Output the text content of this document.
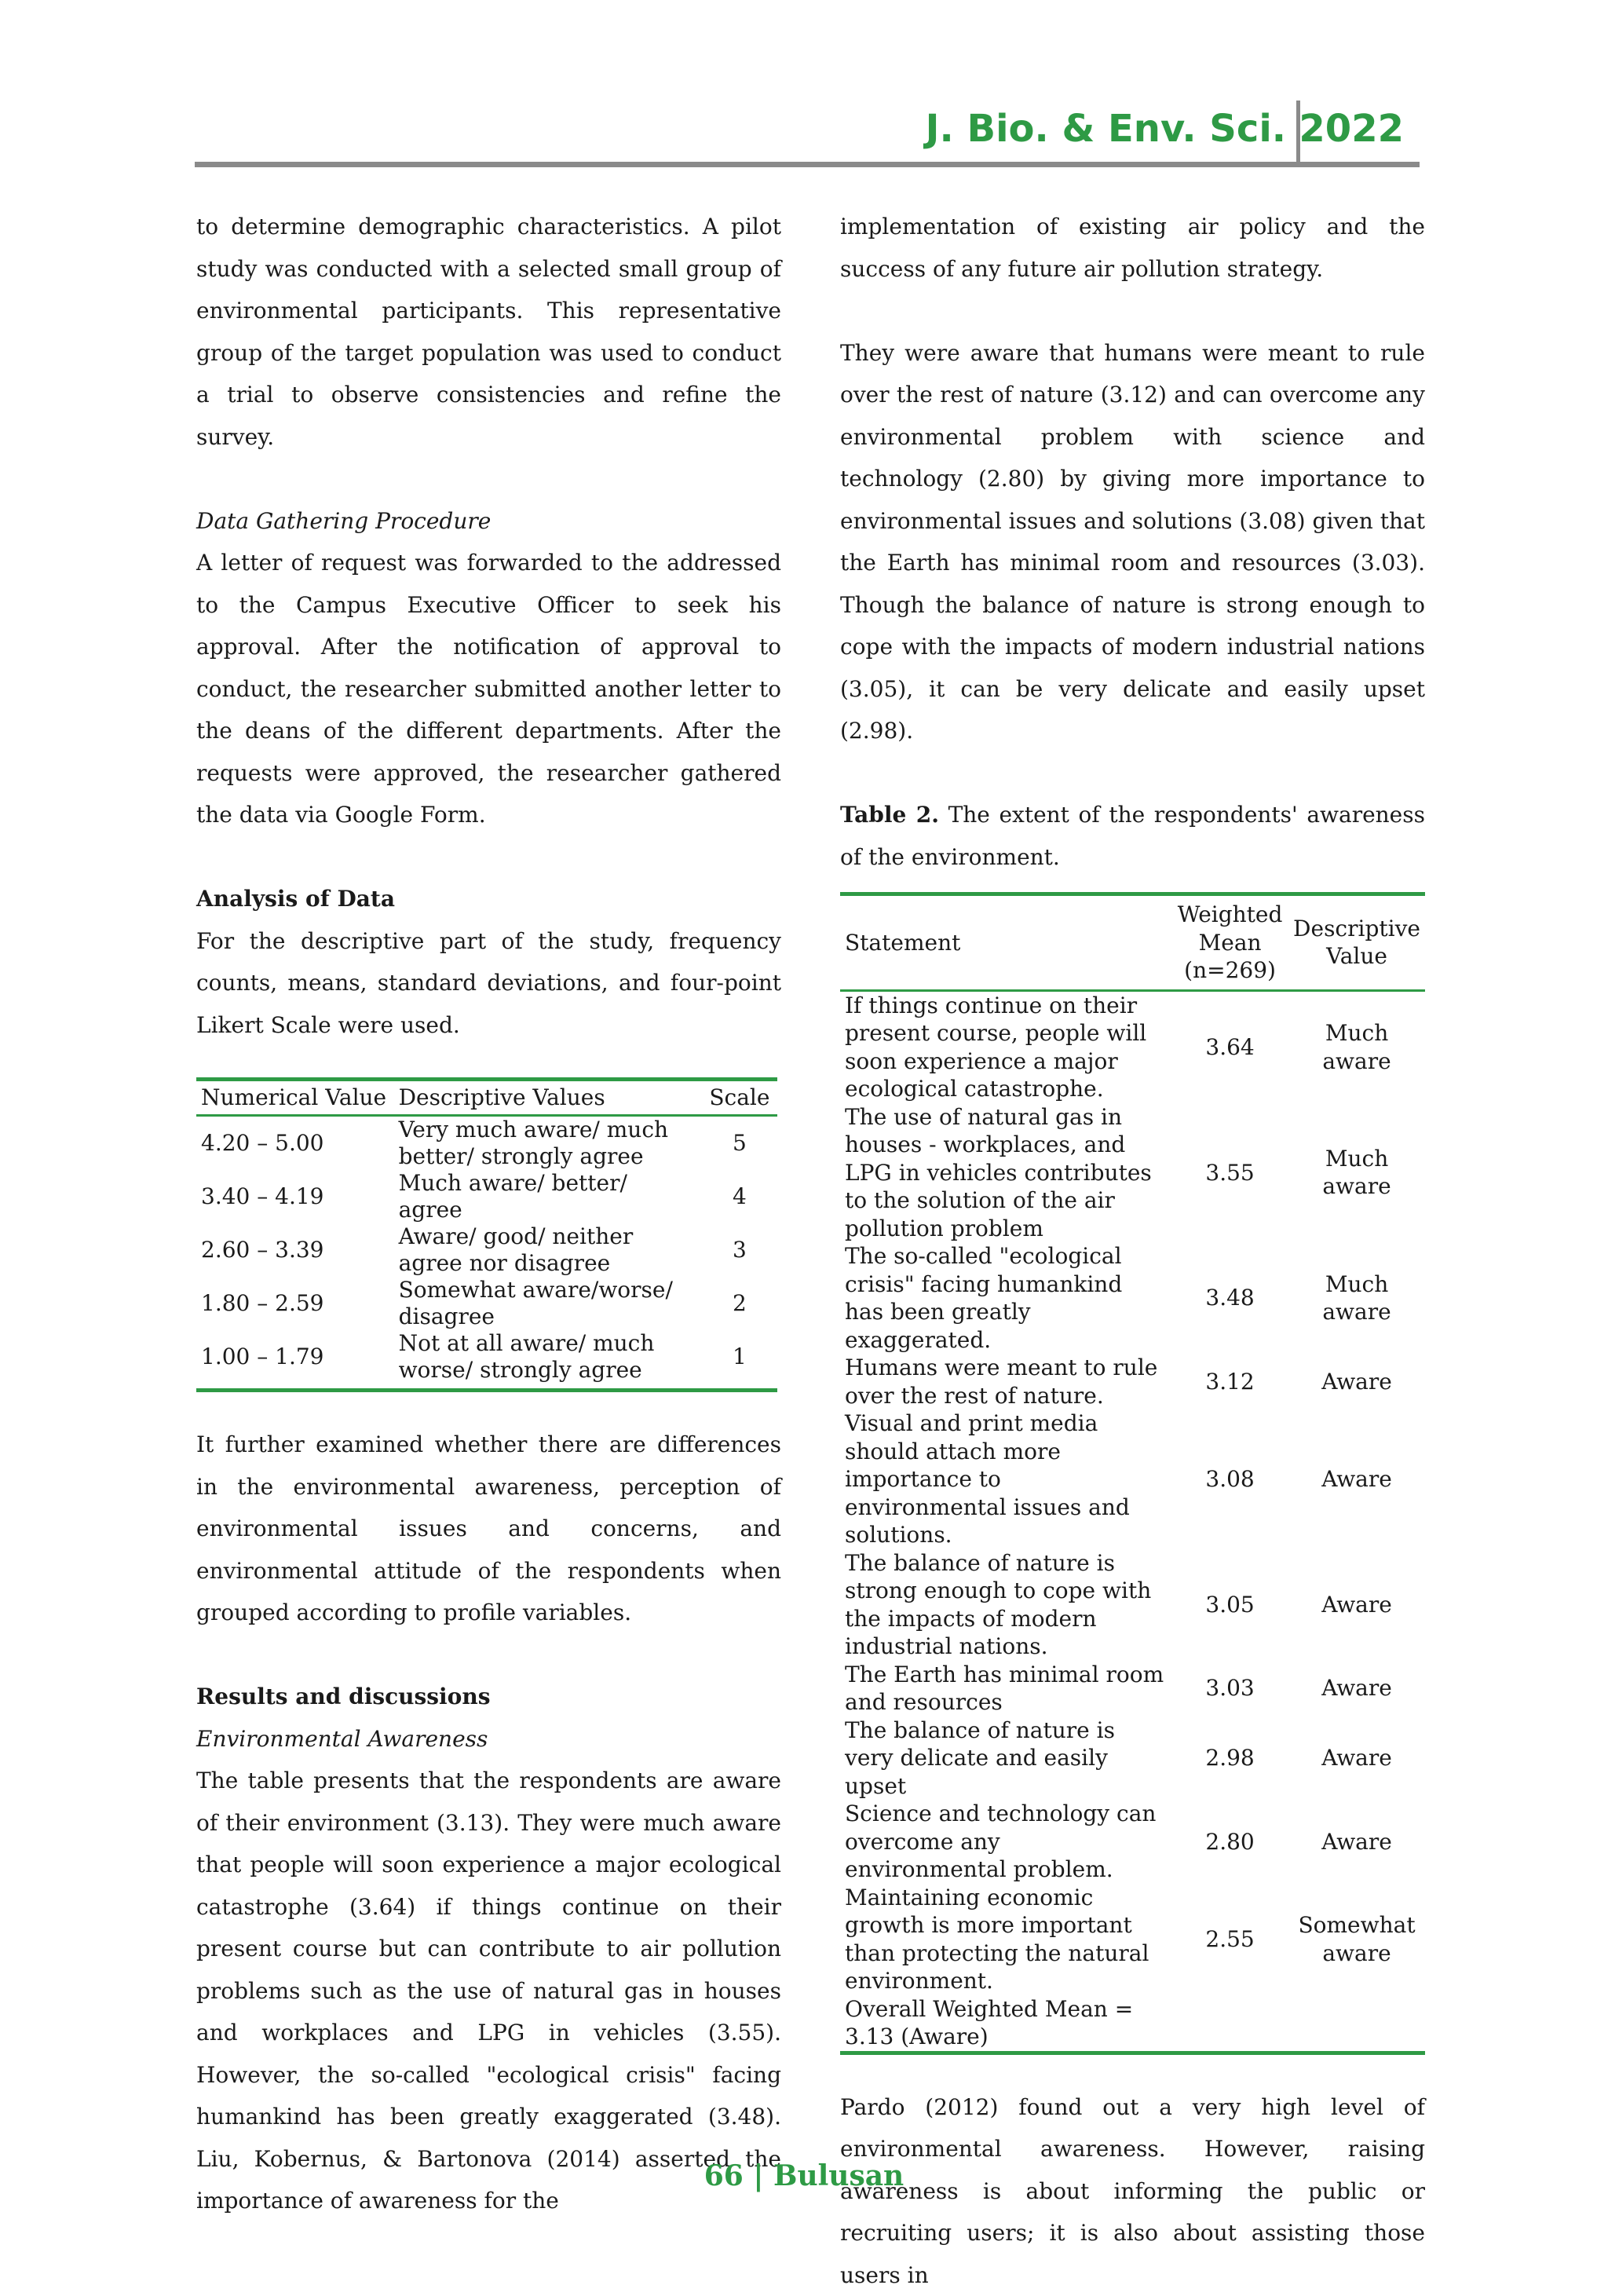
J. Bio. & Env. Sci. 2022

to determine demographic characteristics. A pilot study was conducted with a selected small group of environmental participants. This representative group of the target population was used to conduct a trial to observe consistencies and refine the survey.

Data Gathering Procedure

A letter of request was forwarded to the addressed to the Campus Executive Officer to seek his approval. After the notification of approval to conduct, the researcher submitted another letter to the deans of the different departments. After the requests were approved, the researcher gathered the data via Google Form.

Analysis of Data

For the descriptive part of the study, frequency counts, means, standard deviations, and four-point Likert Scale were used.

Numerical Value	Descriptive Values	Scale
4.20 – 5.00	Very much aware/ much better/ strongly agree	5
3.40 – 4.19	Much aware/ better/ agree	4
2.60 – 3.39	Aware/ good/ neither agree nor disagree	3
1.80 – 2.59	Somewhat aware/worse/ disagree	2
1.00 – 1.79	Not at all aware/ much worse/ strongly agree	1

It further examined whether there are differences in the environmental awareness, perception of environmental issues and concerns, and environmental attitude of the respondents when grouped according to profile variables.

Results and discussions

Environmental Awareness

The table presents that the respondents are aware of their environment (3.13). They were much aware that people will soon experience a major ecological catastrophe (3.64) if things continue on their present course but can contribute to air pollution problems such as the use of natural gas in houses and workplaces and LPG in vehicles (3.55). However, the so-called "ecological crisis" facing humankind has been greatly exaggerated (3.48). Liu, Kobernus, & Bartonova (2014) asserted the importance of awareness for the

implementation of existing air policy and the success of any future air pollution strategy.

They were aware that humans were meant to rule over the rest of nature (3.12) and can overcome any environmental problem with science and technology (2.80) by giving more importance to environmental issues and solutions (3.08) given that the Earth has minimal room and resources (3.03). Though the balance of nature is strong enough to cope with the impacts of modern industrial nations (3.05), it can be very delicate and easily upset (2.98).

Table 2. The extent of the respondents' awareness of the environment.

Statement	Weighted Mean (n=269)	Descriptive Value
If things continue on their present course, people will soon experience a major ecological catastrophe.	3.64	Much aware
The use of natural gas in houses - workplaces, and LPG in vehicles contributes to the solution of the air pollution problem	3.55	Much aware
The so-called "ecological crisis" facing humankind has been greatly exaggerated.	3.48	Much aware
Humans were meant to rule over the rest of nature.	3.12	Aware
Visual and print media should attach more importance to environmental issues and solutions.	3.08	Aware
The balance of nature is strong enough to cope with the impacts of modern industrial nations.	3.05	Aware
The Earth has minimal room and resources	3.03	Aware
The balance of nature is very delicate and easily upset	2.98	Aware
Science and technology can overcome any environmental problem.	2.80	Aware
Maintaining economic growth is more important than protecting the natural environment.	2.55	Somewhat aware
Overall Weighted Mean = 3.13 (Aware)		

Pardo (2012) found out a very high level of environmental awareness. However, raising awareness is about informing the public or recruiting users; it is also about assisting those users in

66 | Bulusan
